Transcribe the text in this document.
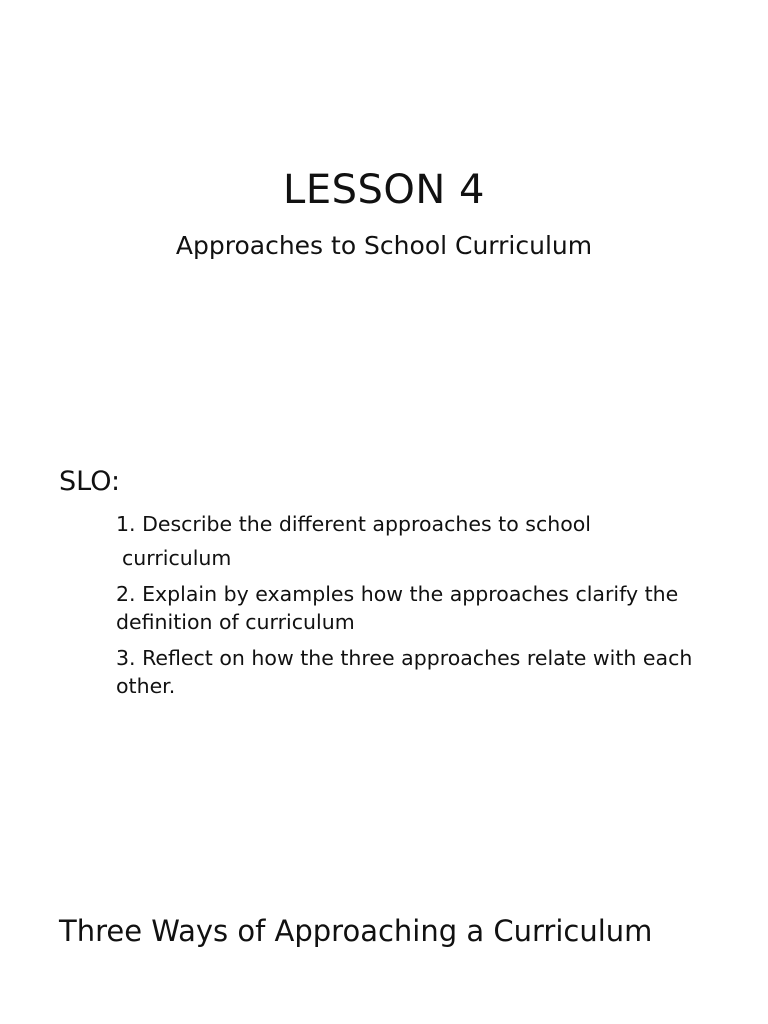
LESSON 4

Approaches to School Curriculum

SLO:
1. Describe the different approaches to school
curriculum
2. Explain by examples how the approaches clarify the definition of curriculum
3. Reflect on how the three approaches relate with each other.
Three Ways of Approaching a Curriculum
